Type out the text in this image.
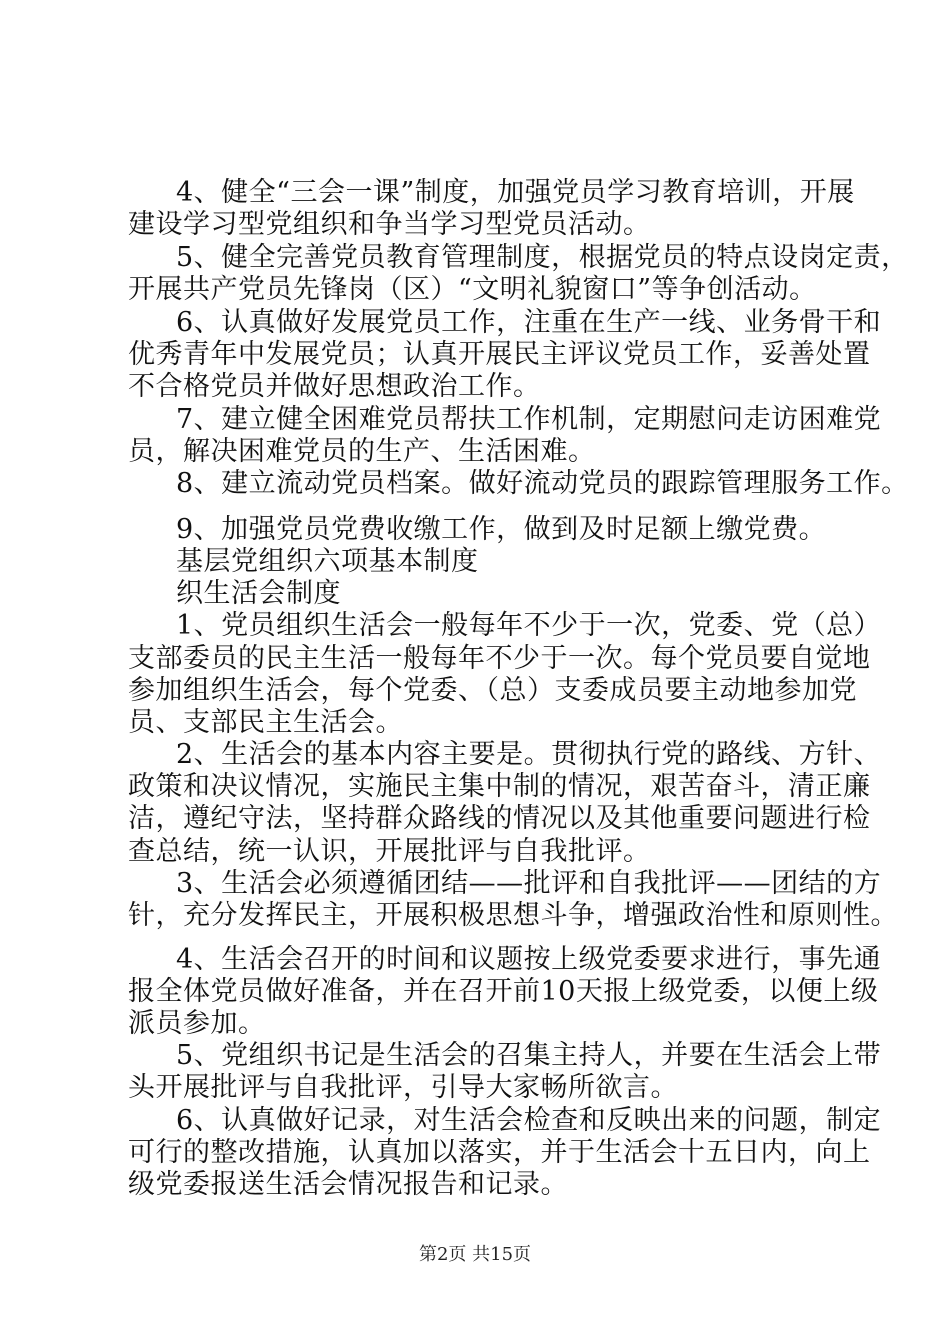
4、健全“三会一课”制度，加强党员学习教育培训，开展
建设学习型党组织和争当学习型党员活动。
5、健全完善党员教育管理制度，根据党员的特点设岗定责，
开展共产党员先锋岗（区）“文明礼貌窗口”等争创活动。
6、认真做好发展党员工作，注重在生产一线、业务骨干和
优秀青年中发展党员；认真开展民主评议党员工作，妥善处置
不合格党员并做好思想政治工作。
7、建立健全困难党员帮扶工作机制，定期慰问走访困难党
员，解决困难党员的生产、生活困难。
8、建立流动党员档案。做好流动党员的跟踪管理服务工作。
9、加强党员党费收缴工作，做到及时足额上缴党费。
基层党组织六项基本制度
织生活会制度
1、党员组织生活会一般每年不少于一次，党委、党（总）
支部委员的民主生活一般每年不少于一次。每个党员要自觉地
参加组织生活会，每个党委、（总）支委成员要主动地参加党
员、支部民主生活会。
2、生活会的基本内容主要是。贯彻执行党的路线、方针、
政策和决议情况，实施民主集中制的情况，艰苦奋斗，清正廉
洁，遵纪守法，坚持群众路线的情况以及其他重要问题进行检
查总结，统一认识，开展批评与自我批评。
3、生活会必须遵循团结——批评和自我批评——团结的方
针，充分发挥民主，开展积极思想斗争，增强政治性和原则性。
4、生活会召开的时间和议题按上级党委要求进行，事先通
报全体党员做好准备，并在召开前10天报上级党委，以便上级
派员参加。
5、党组织书记是生活会的召集主持人，并要在生活会上带
头开展批评与自我批评，引导大家畅所欲言。
6、认真做好记录，对生活会检查和反映出来的问题，制定
可行的整改措施，认真加以落实，并于生活会十五日内，向上
级党委报送生活会情况报告和记录。
第2页 共15页
